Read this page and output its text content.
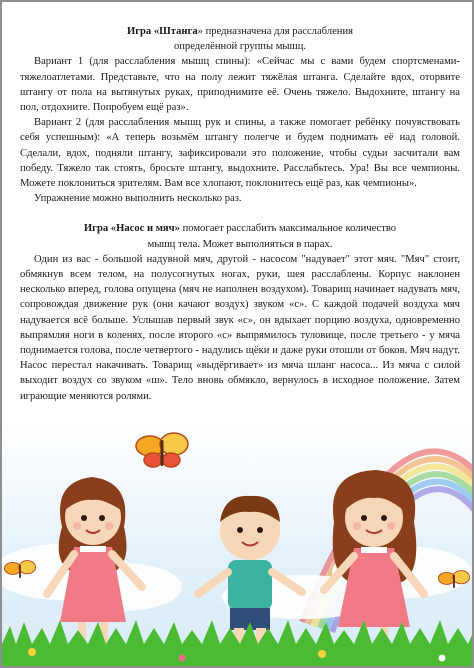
Игра «Штанга» предназначена для расслабления
определённой группы мышц.

Вариант 1 (для расслабления мышц спины): «Сейчас мы с вами будем спортсменами-тяжелоатлетами. Представьте, что на полу лежит тяжёлая штанга. Сделайте вдох, оторвите штангу от пола на вытянутых руках, приподнимите её. Очень тяжело. Выдохните, штангу на пол, отдохните. Попробуем ещё раз».

Вариант 2 (для расслабления мышц рук и спины, а также помогает ребёнку почувствовать себя успешным): «А теперь возьмём штангу полегче и будем поднимать её над головой. Сделали, вдох, подняли штангу, зафиксировали это положение, чтобы судьи засчитали вам победу. Тяжело так стоять, бросьте штангу, выдохните. Расслабьтесь. Ура! Вы все чемпионы. Можете поклониться зрителям. Вам все хлопают, поклонитесь ещё раз, как чемпионы».

Упражнение можно выполнить несколько раз.

Игра «Насос и мяч» помогает расслабить максимальное количество
мышц тела. Может выполняться в парах.

Один из вас - большой надувной мяч, другой - насосом "надувает" этот мяч. "Мяч" стоит, обмякнув всем телом, на полусогнутых ногах, руки, шея расслаблены. Корпус наклонен несколько вперед, голова опущена (мяч не наполнен воздухом). Товарищ начинает надувать мяч, сопровождая движение рук (они качают воздух) звуком «с». С каждой подачей воздуха мяч надувается всё больше. Услышав первый звук «с», он вдыхает порцию воздуха, одновременно выпрямляя ноги в коленях, после второго «с» выпрямилось туловище, после третьего - у мяча поднимается голова, после четвертого - надулись щёки и даже руки отошли от боков. Мяч надут. Насос перестал накачивать. Товарищ «выдёргивает» из мяча шланг насоса... Из мяча с силой выходит воздух со звуком «ш». Тело вновь обмякло, вернулось в исходное положение. Затем играющие меняются ролями.
